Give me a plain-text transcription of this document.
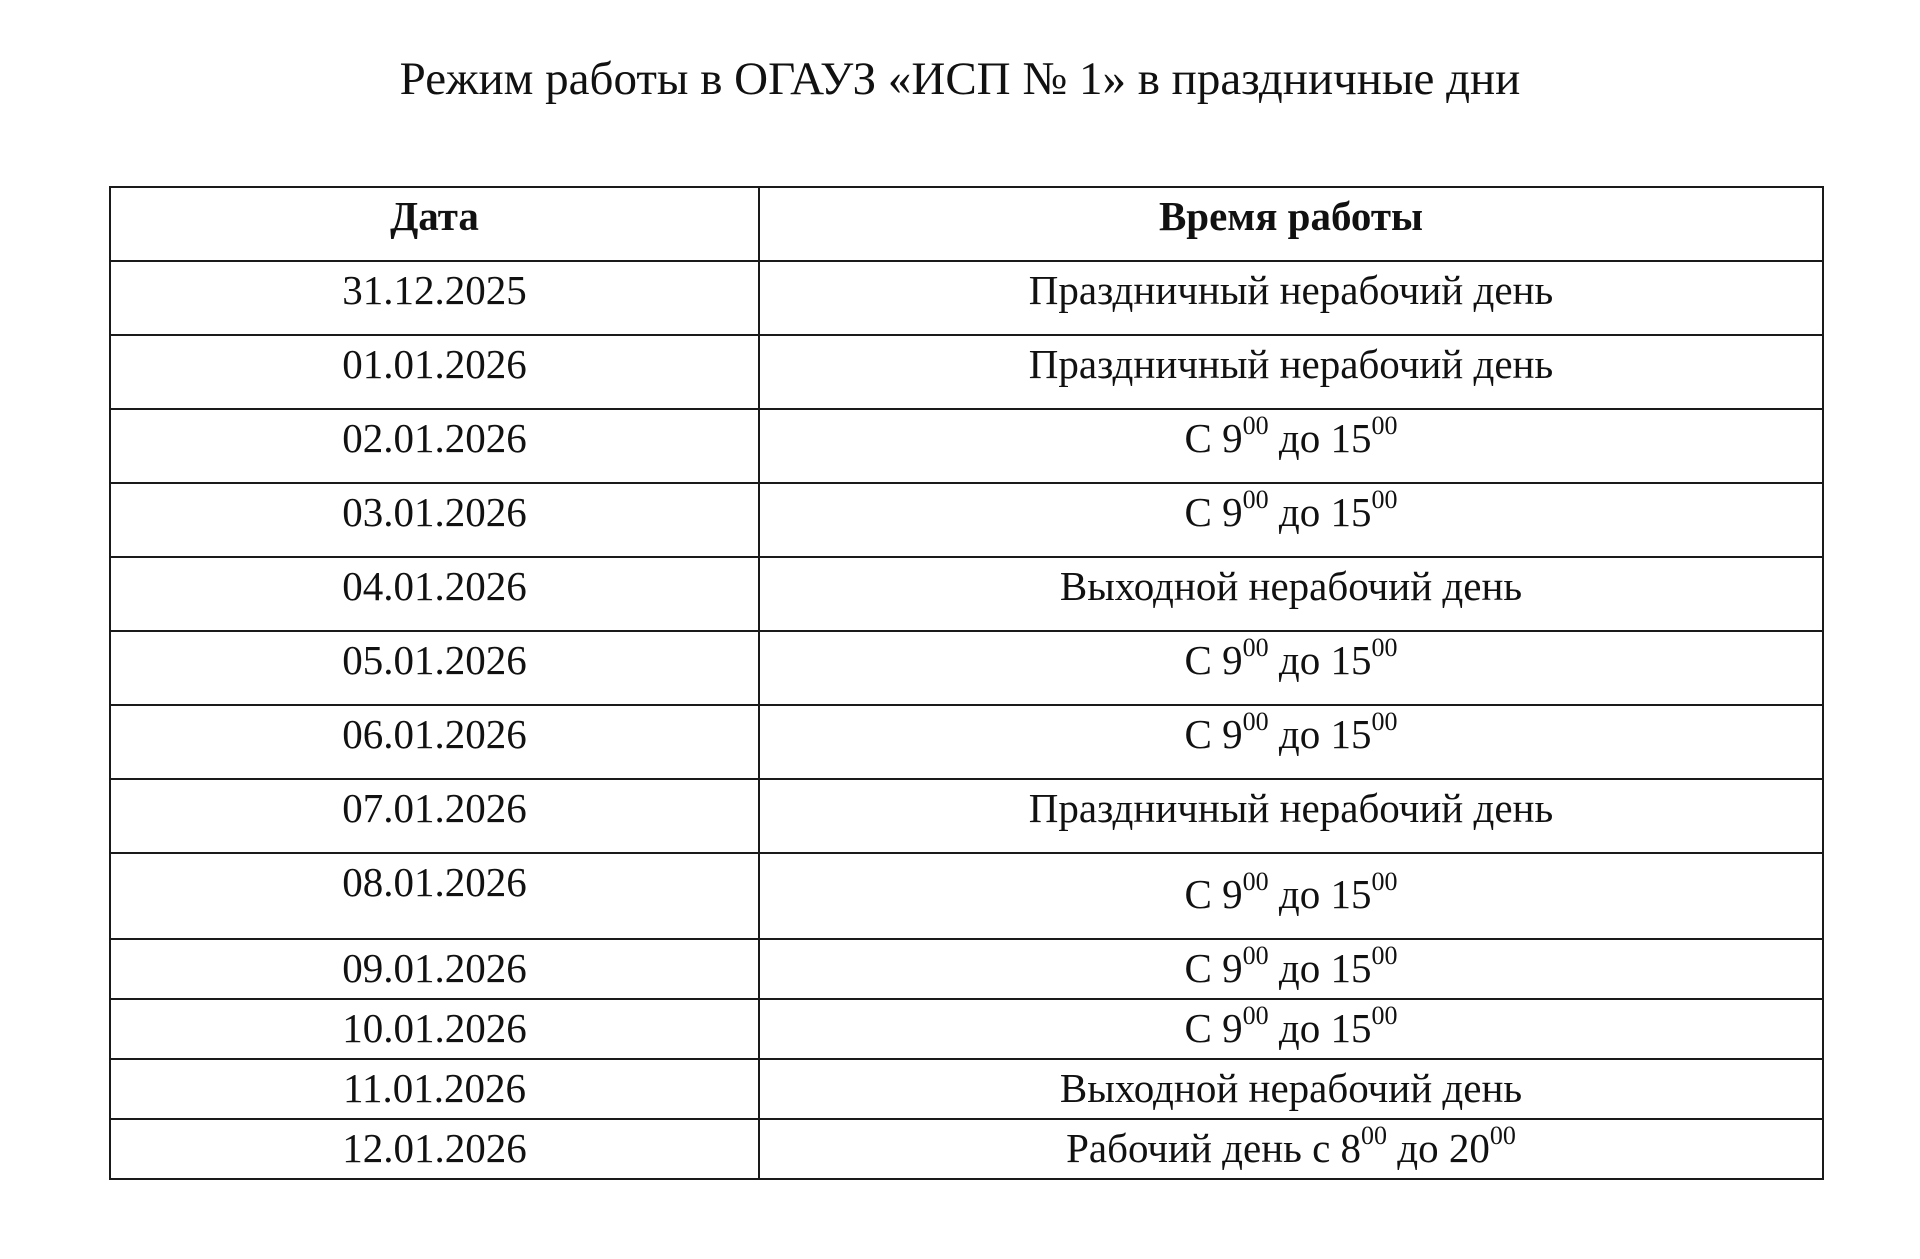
Режим работы в ОГАУЗ «ИСП № 1» в праздничные дни
Дата	Время работы
31.12.2025	Праздничный нерабочий день
01.01.2026	Праздничный нерабочий день
02.01.2026	С $9^{00}$ до $15^{00}$
03.01.2026	С $9^{00}$ до $15^{00}$
04.01.2026	Выходной нерабочий день
05.01.2026	С $9^{00}$ до $15^{00}$
06.01.2026	С $9^{00}$ до $15^{00}$
07.01.2026	Праздничный нерабочий день
08.01.2026	С $9^{00}$ до $15^{00}$
09.01.2026	С $9^{00}$ до $15^{00}$
10.01.2026	С $9^{00}$ до $15^{00}$
11.01.2026	Выходной нерабочий день
12.01.2026	Рабочий день с $8^{00}$ до $20^{00}$
